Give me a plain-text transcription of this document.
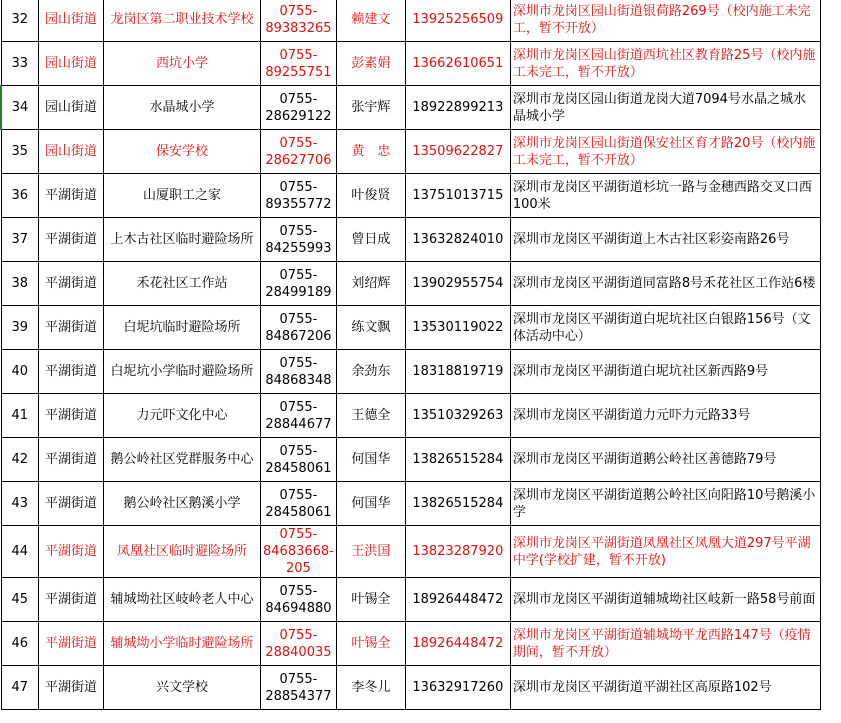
32	园山街道	龙岗区第二职业技术学校	0755-89383265	赖建文	13925256509	深圳市龙岗区园山街道银荷路269号（校内施工未完工，暂不开放）
33	园山街道	西坑小学	0755-89255751	彭素娟	13662610651	深圳市龙岗区园山街道西坑社区教育路25号（校内施工未完工，暂不开放）
34	园山街道	水晶城小学	0755-28629122	张宇辉	18922899213	深圳市龙岗区园山街道龙岗大道7094号水晶之城水晶城小学
35	园山街道	保安学校	0755-28627706	黄　忠	13509622827	深圳市龙岗区园山街道保安社区育才路20号（校内施工未完工，暂不开放）
36	平湖街道	山厦职工之家	0755-89355772	叶俊贤	13751013715	深圳市龙岗区平湖街道杉坑一路与金穗西路交叉口西100米
37	平湖街道	上木古社区临时避险场所	0755-84255993	曾日成	13632824010	深圳市龙岗区平湖街道上木古社区彩姿南路26号
38	平湖街道	禾花社区工作站	0755-28499189	刘绍辉	13902955754	深圳市龙岗区平湖街道同富路8号禾花社区工作站6楼
39	平湖街道	白坭坑临时避险场所	0755-84867206	练文飘	13530119022	深圳市龙岗区平湖街道白坭坑社区白银路156号（文体活动中心）
40	平湖街道	白坭坑小学临时避险场所	0755-84868348	余劲东	18318819719	深圳市龙岗区平湖街道白坭坑社区新西路9号
41	平湖街道	力元吓文化中心	0755-28844677	王德全	13510329263	深圳市龙岗区平湖街道力元吓力元路33号
42	平湖街道	鹅公岭社区党群服务中心	0755-28458061	何国华	13826515284	深圳市龙岗区平湖街道鹅公岭社区善德路79号
43	平湖街道	鹅公岭社区鹅溪小学	0755-28458061	何国华	13826515284	深圳市龙岗区平湖街道鹅公岭社区向阳路10号鹅溪小学
44	平湖街道	凤凰社区临时避险场所	0755-84683668-205	王洪国	13823287920	深圳市龙岗区平湖街道凤凰社区凤凰大道297号平湖中学(学校扩建，暂不开放)
45	平湖街道	辅城坳社区岐岭老人中心	0755-84694880	叶锡全	18926448472	深圳市龙岗区平湖街道辅城坳社区岐新一路58号前面
46	平湖街道	辅城坳小学临时避险场所	0755-28840035	叶锡全	18926448472	深圳市龙岗区平湖街道辅城坳平龙西路147号（疫情期间，暂不开放）
47	平湖街道	兴文学校	0755-28854377	李冬儿	13632917260	深圳市龙岗区平湖街道平湖社区高原路102号
